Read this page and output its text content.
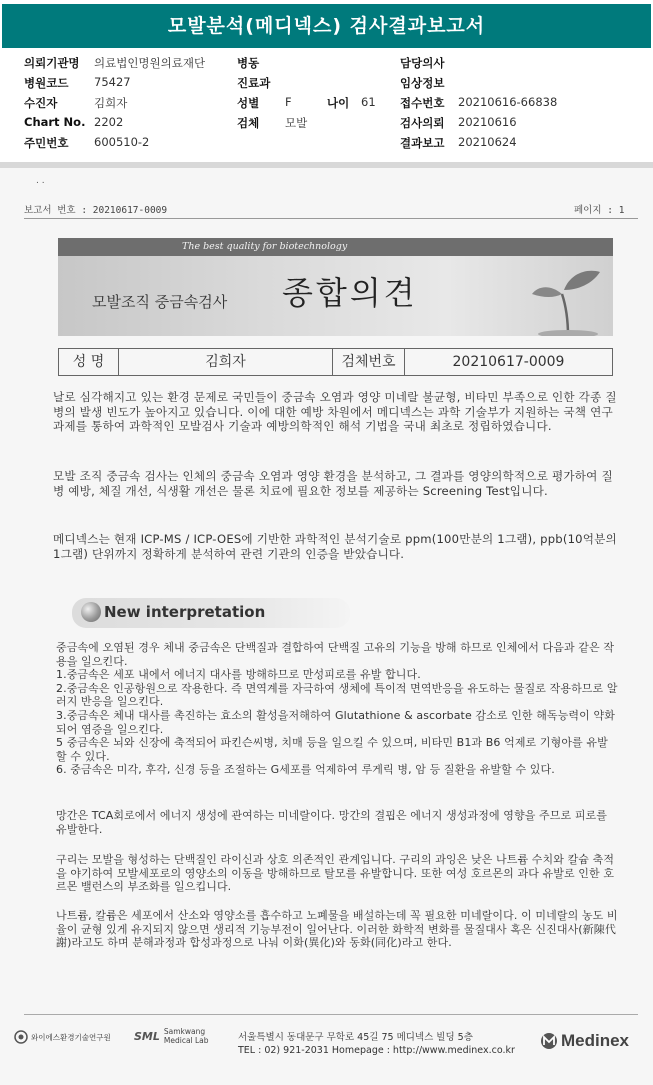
모발분석(메디넥스) 검사결과보고서
의뢰기관명 의료법인명원의료재단	병동	담당의사
병원코드 75427	진료과	임상정보
수진자	김희자	성별 F	나이 61 접수번호 20210616-66838
Chart No. 2202	검체 모발	검사의뢰 20210616
주민번호 600510-2	결과보고 20210624
. .
보고서 번호 : 20210617-0009	페이지 : 1
The best quality for biotechnology
모발조직 중금속검사 종합의견
성 명	김희자	검체번호	20210617-0009
날로 심각해지고 있는 환경 문제로 국민들이 중금속 오염과 영양 미네랄 불균형, 비타민 부족으로 인한 각종 질병의 발생 빈도가 높아지고 있습니다. 이에 대한 예방 차원에서 메디넥스는 과학 기술부가 지원하는 국책 연구 과제를 통하여 과학적인 모발검사 기술과 예방의학적인 해석 기법을 국내 최초로 정립하였습니다.
모발 조직 중금속 검사는 인체의 중금속 오염과 영양 환경을 분석하고, 그 결과를 영양의학적으로 평가하여 질병 예방, 체질 개선, 식생활 개선은 물론 치료에 필요한 정보를 제공하는 Screening Test입니다.
메디넥스는 현재 ICP-MS / ICP-OES에 기반한 과학적인 분석기술로 ppm(100만분의 1그램), ppb(10억분의 1그램) 단위까지 정확하게 분석하여 관련 기관의 인증을 받았습니다.
New interpretation
중금속에 오염된 경우 체내 중금속은 단백질과 결합하여 단백질 고유의 기능을 방해 하므로 인체에서 다음과 같은 작용을 일으킨다.
1.중금속은 세포 내에서 에너지 대사를 방해하므로 만성피로를 유발 합니다.
2.중금속은 인공항원으로 작용한다. 즉 면역계를 자극하여 생체에 특이적 면역반응을 유도하는 물질로 작용하므로 알러지 반응을 일으킨다.
3.중금속은 체내 대사를 촉진하는 효소의 활성을저해하여 Glutathione & ascorbate 감소로 인한 해독능력이 약화되어 염증을 일으킨다.
5 중금속은 뇌와 신장에 축적되어 파킨슨씨병, 치매 등을 일으킬 수 있으며, 비타민 B1과 B6 억제로 기형아를 유발할 수 있다.
6. 중금속은 미각, 후각, 신경 등을 조절하는 G세포를 억제하여 루게릭 병, 암 등 질환을 유발할 수 있다.
망간은 TCA회로에서 에너지 생성에 관여하는 미네랄이다. 망간의 결핍은 에너지 생성과정에 영향을 주므로 피로를 유발한다.
구리는 모발을 형성하는 단백질인 라이신과 상호 의존적인 관계입니다. 구리의 과잉은 낮은 나트륨 수치와 칼슘 축적을 야기하여 모발세포로의 영양소의 이동을 방해하므로 탈모를 유발합니다. 또한 여성 호르몬의 과다 유발로 인한 호르몬 밸런스의 부조화를 일으킵니다.
나트륨, 칼륨은 세포에서 산소와 영양소를 흡수하고 노폐물을 배설하는데 꼭 필요한 미네랄이다. 이 미네랄의 농도 비율이 균형 있게 유지되지 않으면 생리적 기능부전이 일어난다. 이러한 화학적 변화를 물질대사 혹은 신진대사(新陳代謝)라고도 하며 분해과정과 합성과정으로 나눠 이화(異化)와 동화(同化)라고 한다.
와이에스환경기술연구원 SML Samkwang
Medical Lab	서울특별시 동대문구 무학로 45길 75 메디넥스 빌딩 5층
TEL : 02) 921-2031 Homepage : http://www.medinex.co.kr
Medinex
